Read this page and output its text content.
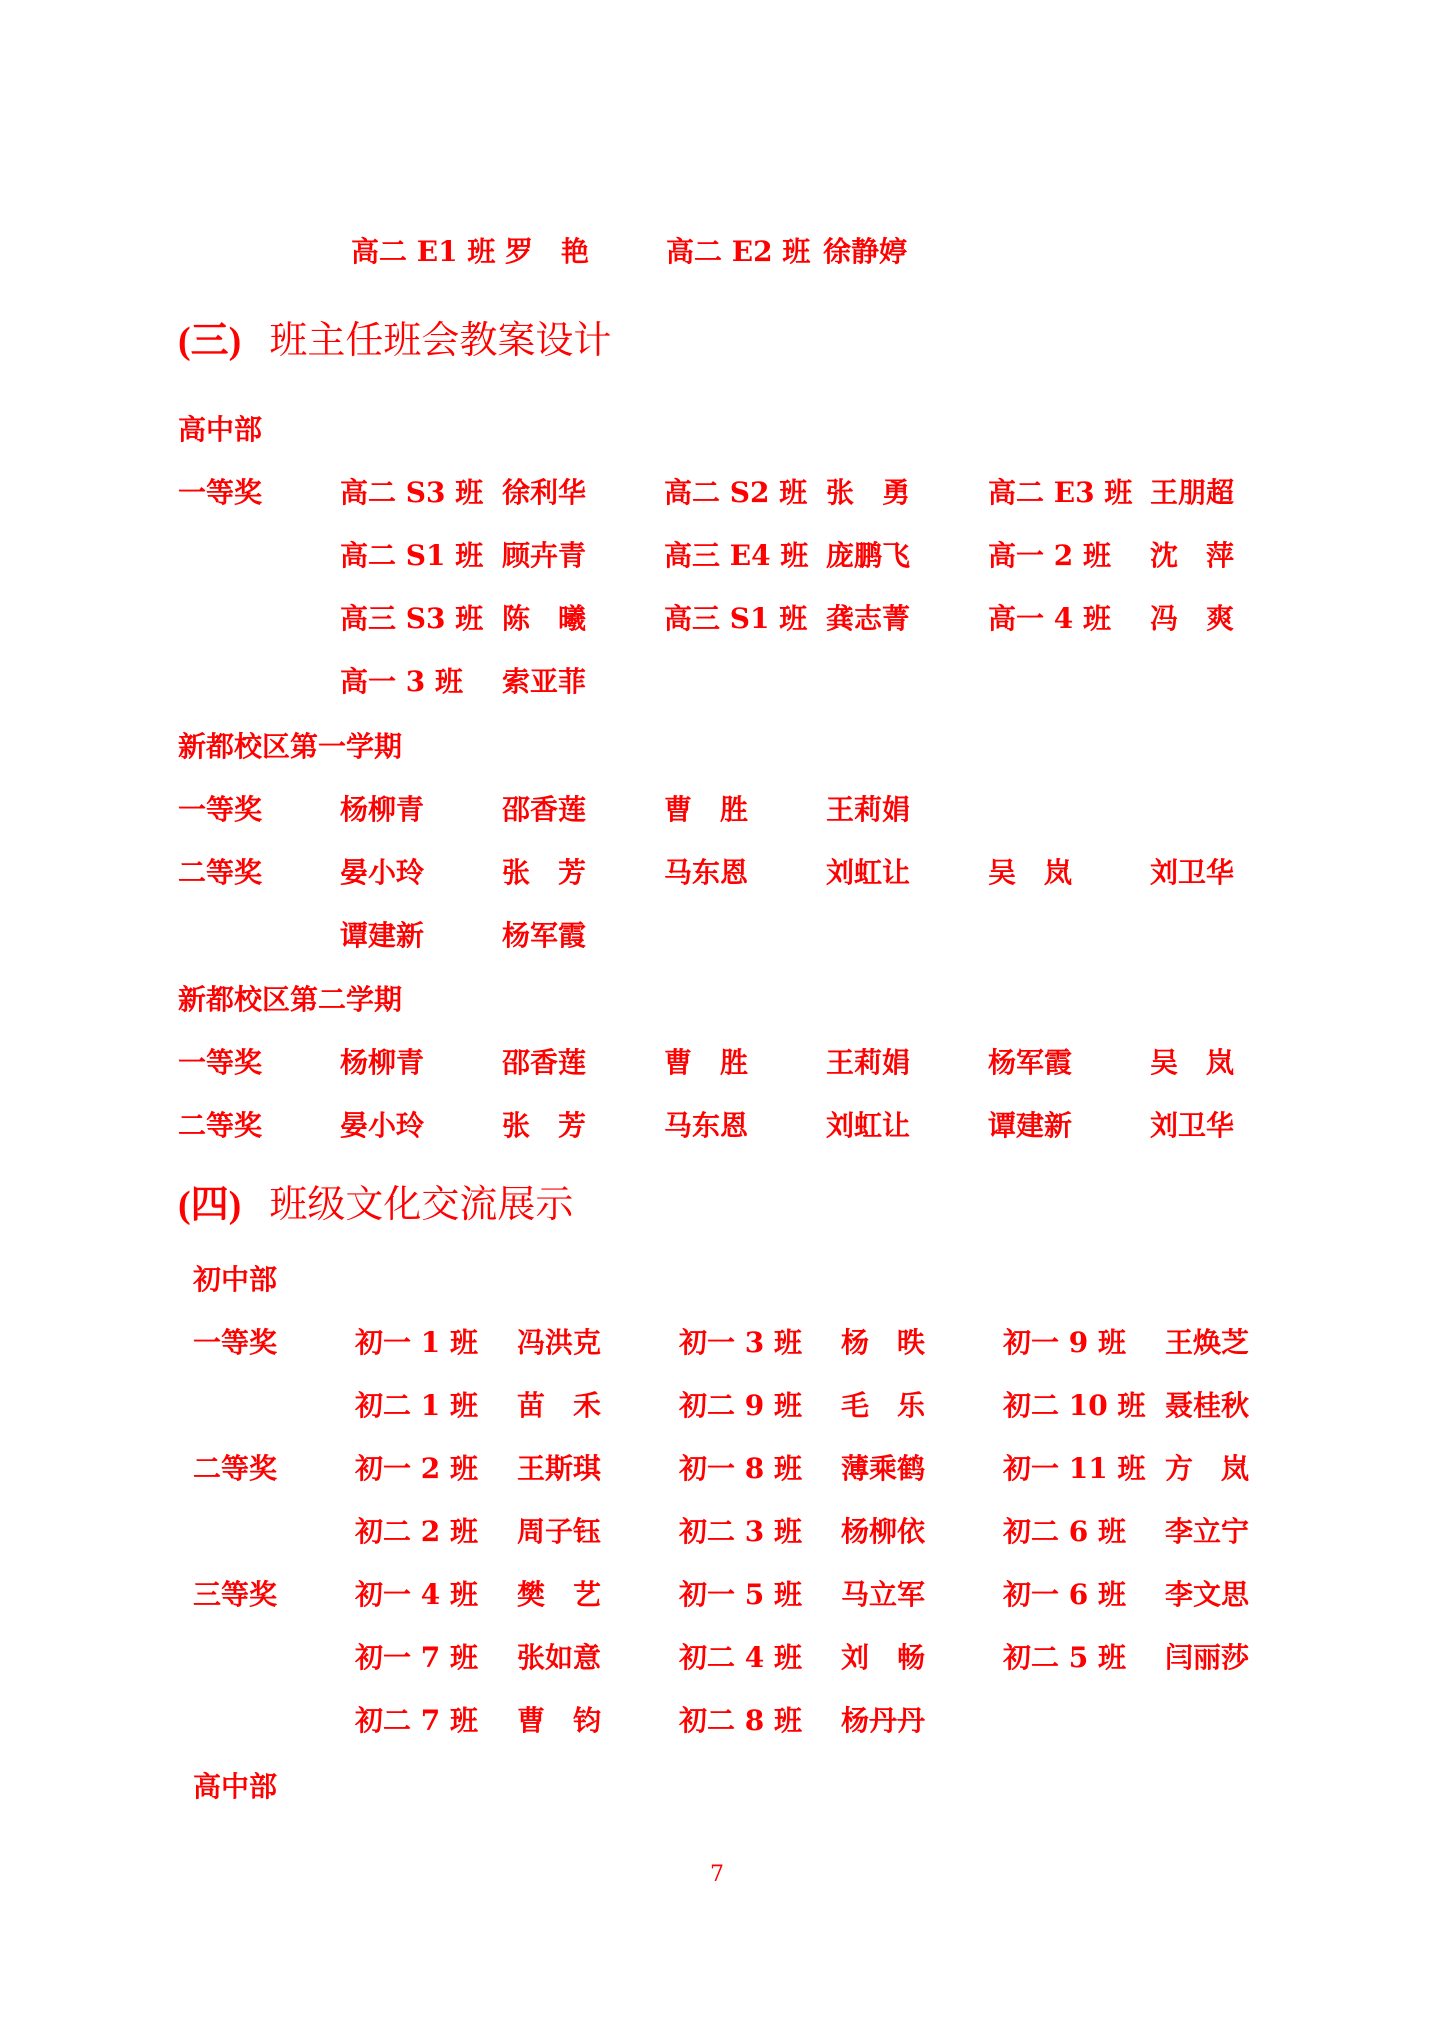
高二 E1 班 罗　艳	高二 E2 班 徐静婷
(三) 班主任班会教案设计
高中部
一等奖	高二 S3 班 徐利华	高二 S2 班 张　勇	高二 E3 班 王朋超
高二 S1 班 顾卉青	高三 E4 班 庞鹏飞	高一 2 班 沈　萍
高三 S3 班 陈　曦	高三 S1 班 龚志菁	高一 4 班 冯　爽
高一 3 班 索亚菲
新都校区第一学期
一等奖	杨柳青	邵香莲	曹　胜	王莉娟
二等奖	晏小玲	张　芳	马东恩	刘虹让	吴　岚	刘卫华
谭建新	杨军霞
新都校区第二学期
一等奖	杨柳青	邵香莲	曹　胜	王莉娟	杨军霞	吴　岚
二等奖	晏小玲	张　芳	马东恩	刘虹让	谭建新	刘卫华
(四) 班级文化交流展示
初中部
一等奖	初一 1 班 冯洪克	初一 3 班 杨　昳	初一 9 班 王焕芝
初二 1 班 苗　禾	初二 9 班 毛　乐	初二 10 班 聂桂秋
二等奖	初一 2 班 王斯琪	初一 8 班 薄乘鹤	初一 11 班 方　岚
初二 2 班 周子钰	初二 3 班 杨柳依	初二 6 班 李立宁
三等奖	初一 4 班 樊　艺	初一 5 班 马立军	初一 6 班 李文思
初一 7 班 张如意	初二 4 班 刘　畅	初二 5 班 闫丽莎
初二 7 班 曹　钧	初二 8 班 杨丹丹
高中部
7
